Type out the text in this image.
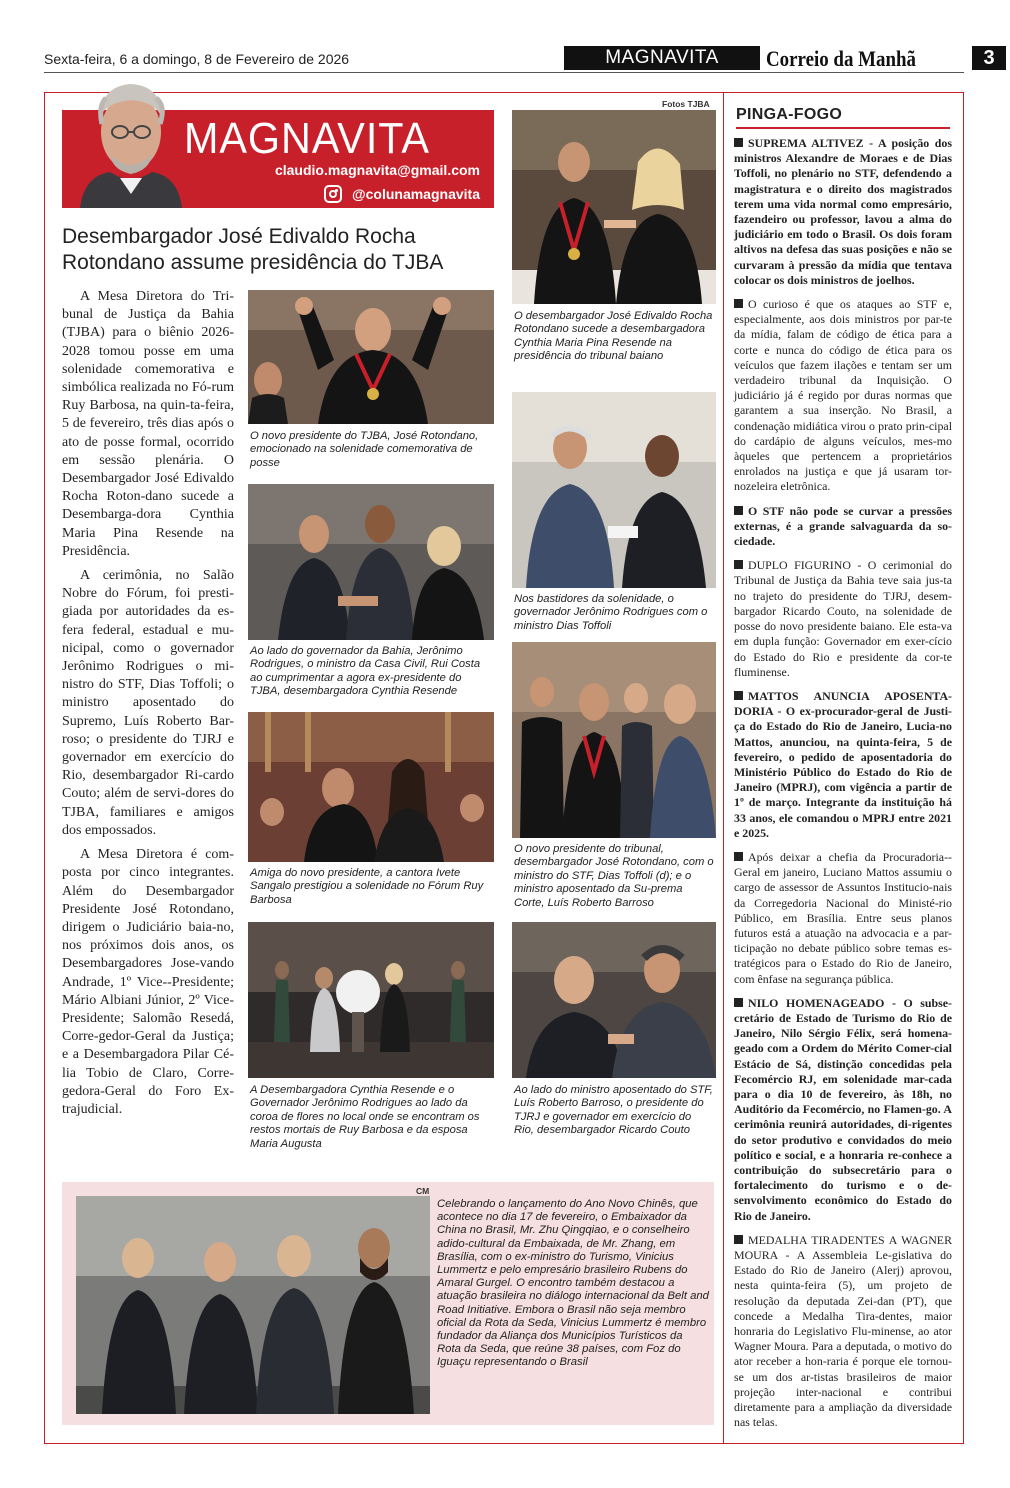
Sexta-feira, 6 a domingo, 8 de Fevereiro de 2026	MAGNAVITA	Correio da Manhã	3
MAGNAVITA
claudio.magnavita@gmail.com
@colunamagnavita
Desembargador José Edivaldo Rocha Rotondano assume presidência do TJBA

A Mesa Diretora do Tri-bunal de Justiça da Bahia (TJBA) para o biênio 2026-2028 tomou posse em uma solenidade comemorativa e simbólica realizada no Fó-rum Ruy Barbosa, na quin-ta-feira, 5 de fevereiro, três dias após o ato de posse formal, ocorrido em sessão plenária. O Desembargador José Edivaldo Rocha Roton-dano sucede a Desembarga-dora Cynthia Maria Pina Resende na Presidência.

A cerimônia, no Salão Nobre do Fórum, foi presti-giada por autoridades da es-fera federal, estadual e mu-nicipal, como o governador Jerônimo Rodrigues o mi-nistro do STF, Dias Toffoli; o ministro aposentado do Supremo, Luís Roberto Bar-roso; o presidente do TJRJ e governador em exercício do Rio, desembargador Ri-cardo Couto; além de servi-dores do TJBA, familiares e amigos dos empossados.

A Mesa Diretora é com-posta por cinco integrantes. Além do Desembargador Presidente José Rotondano, dirigem o Judiciário baia-no, nos próximos dois anos, os Desembargadores Jose-vando Andrade, 1º Vice--Presidente; Mário Albiani Júnior, 2º Vice-Presidente; Salomão Resedá, Corre-gedor-Geral da Justiça; e a Desembargadora Pilar Cé-lia Tobio de Claro, Corre-gedora-Geral do Foro Ex-trajudicial.

O novo presidente do TJBA, José Rotondano, emocionado na solenidade comemorativa de posse
Ao lado do governador da Bahia, Jerônimo Rodrigues, o ministro da Casa Civil, Rui Costa ao cumprimentar a agora ex-presidente do TJBA, desembargadora Cynthia Resende
Amiga do novo presidente, a cantora Ivete Sangalo prestigiou a solenidade no Fórum Ruy Barbosa
A Desembargadora Cynthia Resende e o Governador Jerônimo Rodrigues ao lado da coroa de flores no local onde se encontram os restos mortais de Ruy Barbosa e da esposa Maria Augusta
Fotos TJBA
O desembargador José Edivaldo Rocha Rotondano sucede a desembargadora Cynthia Maria Pina Resende na presidência do tribunal baiano
Nos bastidores da solenidade, o governador Jerônimo Rodrigues com o ministro Dias Toffoli
O novo presidente do tribunal, desembargador José Rotondano, com o ministro do STF, Dias Toffoli (d); e o ministro aposentado da Su-prema Corte, Luís Roberto Barroso
Ao lado do ministro aposentado do STF, Luís Roberto Barroso, o presidente do TJRJ e governador em exercício do Rio, desembargador Ricardo Couto
CM
Celebrando o lançamento do Ano Novo Chinês, que acontece no dia 17 de fevereiro, o Embaixador da China no Brasil, Mr. Zhu Qingqiao, e o conselheiro adido-cultural da Embaixada, de Mr. Zhang, em Brasília, com o ex-ministro do Turismo, Vinicius Lummertz e pelo empresário brasileiro Rubens do Amaral Gurgel. O encontro também destacou a atuação brasileira no diálogo internacional da Belt and Road Initiative. Embora o Brasil não seja membro oficial da Rota da Seda, Vinicius Lummertz é membro fundador da Aliança dos Municípios Turísticos da Rota da Seda, que reúne 38 países, com Foz do Iguaçu representando o Brasil
PINGA-FOGO

SUPREMA ALTIVEZ - A posição dos ministros Alexandre de Moraes e de Dias Toffoli, no plenário no STF, defendendo a magistratura e o direito dos magistrados terem uma vida normal como empresário, fazendeiro ou professor, lavou a alma do judiciário em todo o Brasil. Os dois foram altivos na defesa das suas posições e não se curvaram à pressão da mídia que tentava colocar os dois ministros de joelhos.

O curioso é que os ataques ao STF e, especialmente, aos dois ministros por par-te da mídia, falam de código de ética para a corte e nunca do código de ética para os veículos que fazem ilações e tentam ser um verdadeiro tribunal da Inquisição. O judiciário já é regido por duras normas que garantem a sua inserção. No Brasil, a condenação midiática virou o prato prin-cipal do cardápio de alguns veículos, mes-mo àqueles que pertencem a proprietários enrolados na justiça e que já usaram tor-nozeleira eletrônica.

O STF não pode se curvar a pressões externas, é a grande salvaguarda da so-ciedade.

DUPLO FIGURINO - O cerimonial do Tribunal de Justiça da Bahia teve saia jus-ta no trajeto do presidente do TJRJ, desem-bargador Ricardo Couto, na solenidade de posse do novo presidente baiano. Ele esta-va em dupla função: Governador em exer-cício do Estado do Rio e presidente da cor-te fluminense.

MATTOS ANUNCIA APOSENTA-DORIA - O ex-procurador-geral de Justi-ça do Estado do Rio de Janeiro, Lucia-no Mattos, anunciou, na quinta-feira, 5 de fevereiro, o pedido de aposentadoria do Ministério Público do Estado do Rio de Janeiro (MPRJ), com vigência a partir de 1º de março. Integrante da instituição há 33 anos, ele comandou o MPRJ entre 2021 e 2025.

Após deixar a chefia da Procuradoria--Geral em janeiro, Luciano Mattos assumiu o cargo de assessor de Assuntos Institucio-nais da Corregedoria Nacional do Ministé-rio Público, em Brasília. Entre seus planos futuros está a atuação na advocacia e a par-ticipação no debate público sobre temas es-tratégicos para o Estado do Rio de Janeiro, com ênfase na segurança pública.

NILO HOMENAGEADO - O subse-cretário de Estado de Turismo do Rio de Janeiro, Nilo Sérgio Félix, será homena-geado com a Ordem do Mérito Comer-cial Estácio de Sá, distinção concedidas pela Fecomércio RJ, em solenidade mar-cada para o dia 10 de fevereiro, às 18h, no Auditório da Fecomércio, no Flamen-go. A cerimônia reunirá autoridades, di-rigentes do setor produtivo e convidados do meio político e social, e a honraria re-conhece a contribuição do subsecretário para o fortalecimento do turismo e o de-senvolvimento econômico do Estado do Rio de Janeiro.

MEDALHA TIRADENTES A WAGNER MOURA - A Assembleia Le-gislativa do Estado do Rio de Janeiro (Alerj) aprovou, nesta quinta-feira (5), um projeto de resolução da deputada Zei-dan (PT), que concede a Medalha Tira-dentes, maior honraria do Legislativo Flu-minense, ao ator Wagner Moura. Para a deputada, o motivo do ator receber a hon-raria é porque ele tornou-se um dos ar-tistas brasileiros de maior projeção inter-nacional e contribui diretamente para a ampliação da diversidade nas telas.
